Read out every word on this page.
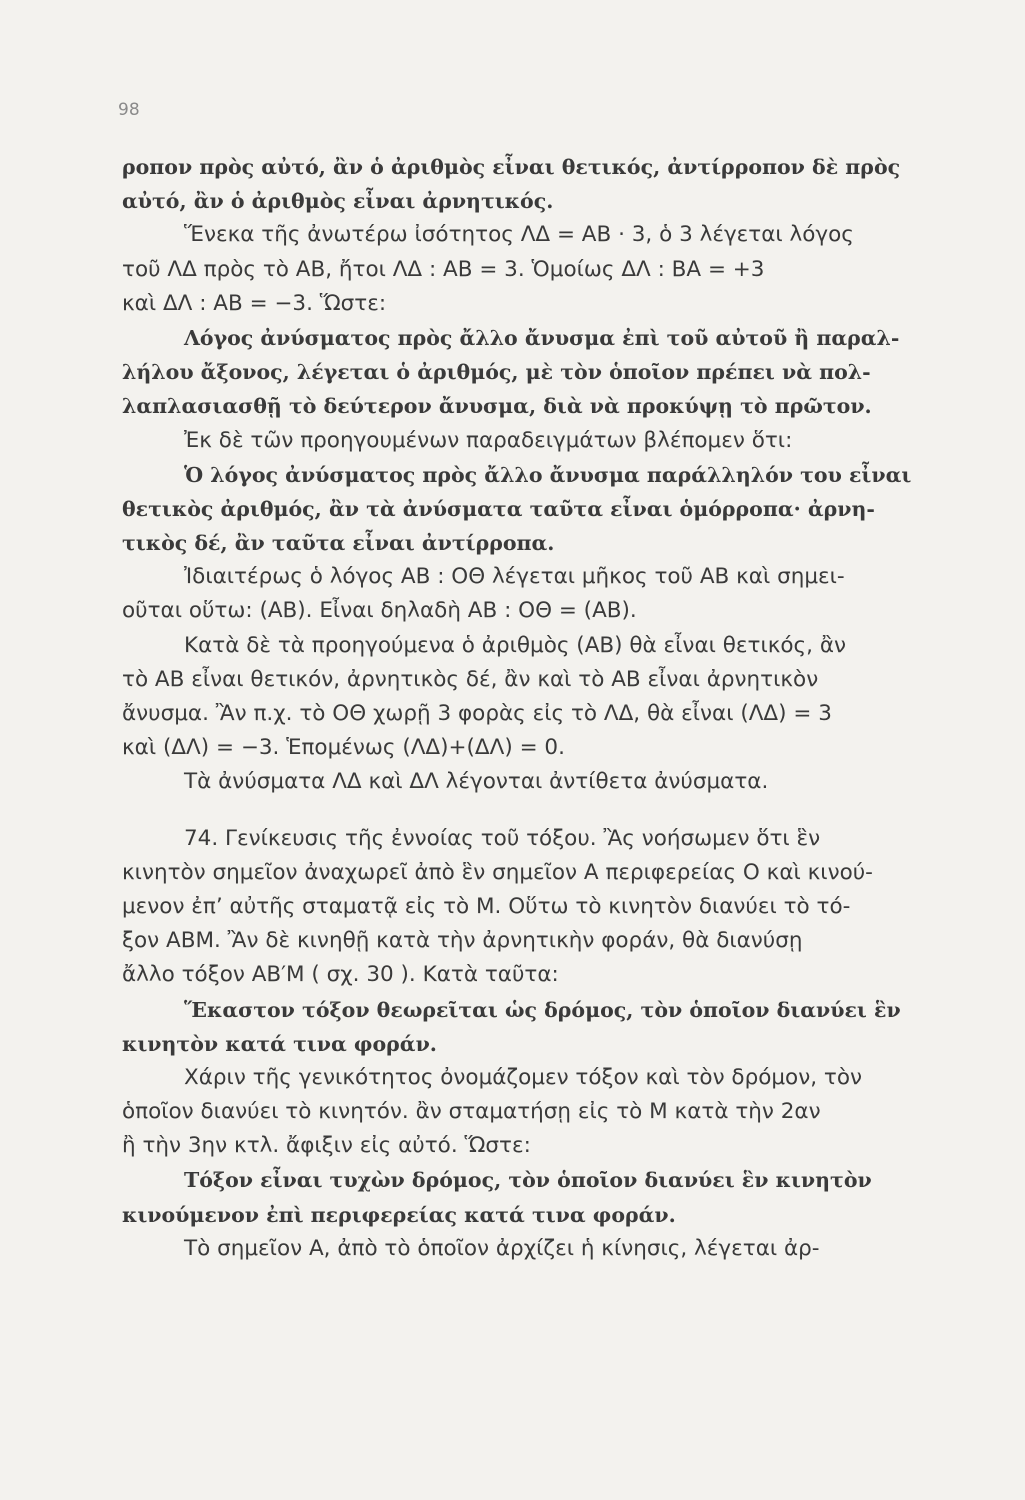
98
ροπον πρὸς αὐτό, ἂν ὁ ἀριθμὸς εἶναι θετικός, ἀντίρροπον δὲ πρὸς
αὐτό, ἂν ὁ ἀριθμὸς εἶναι ἀρνητικός.
Ἕνεκα τῆς ἀνωτέρω ἰσότητος ΛΔ = ΑΒ · 3, ὁ 3 λέγεται λόγος
τοῦ ΛΔ πρὸς τὸ ΑΒ, ἤτοι ΛΔ : ΑΒ = 3. Ὁμοίως ΔΛ : ΒΑ = +3
καὶ ΔΛ : ΑΒ = −3. Ὥστε:
Λόγος ἀνύσματος πρὸς ἄλλο ἄνυσμα ἐπὶ τοῦ αὐτοῦ ἢ παραλ-
λήλου ἄξονος, λέγεται ὁ ἀριθμός, μὲ τὸν ὁποῖον πρέπει νὰ πολ-
λαπλασιασθῇ τὸ δεύτερον ἄνυσμα, διὰ νὰ προκύψῃ τὸ πρῶτον.
Ἐκ δὲ τῶν προηγουμένων παραδειγμάτων βλέπομεν ὅτι:
Ὁ λόγος ἀνύσματος πρὸς ἄλλο ἄνυσμα παράλληλόν του εἶναι
θετικὸς ἀριθμός, ἂν τὰ ἀνύσματα ταῦτα εἶναι ὁμόρροπα· ἀρνη-
τικὸς δέ, ἂν ταῦτα εἶναι ἀντίρροπα.
Ἰδιαιτέρως ὁ λόγος ΑΒ : ΟΘ λέγεται μῆκος τοῦ ΑΒ καὶ σημει-
οῦται οὕτω: (ΑΒ). Εἶναι δηλαδὴ ΑΒ : ΟΘ = (ΑΒ).
Κατὰ δὲ τὰ προηγούμενα ὁ ἀριθμὸς (ΑΒ) θὰ εἶναι θετικός, ἂν
τὸ ΑΒ εἶναι θετικόν, ἀρνητικὸς δέ, ἂν καὶ τὸ ΑΒ εἶναι ἀρνητικὸν
ἄνυσμα. Ἂν π.χ. τὸ ΟΘ χωρῇ 3 φορὰς εἰς τὸ ΛΔ, θὰ εἶναι (ΛΔ) = 3
καὶ (ΔΛ) = −3. Ἑπομένως (ΛΔ)+(ΔΛ) = 0.
Τὰ ἀνύσματα ΛΔ καὶ ΔΛ λέγονται ἀντίθετα ἀνύσματα.
74. Γενίκευσις τῆς ἐννοίας τοῦ τόξου. Ἂς νοήσωμεν ὅτι ἓν
κινητὸν σημεῖον ἀναχωρεῖ ἀπὸ ἓν σημεῖον Α περιφερείας Ο καὶ κινού-
μενον ἐπ’ αὐτῆς σταματᾷ εἰς τὸ Μ. Οὕτω τὸ κινητὸν διανύει τὸ τό-
ξον ΑΒΜ. Ἂν δὲ κινηθῇ κατὰ τὴν ἀρνητικὴν φοράν, θὰ διανύσῃ
ἄλλο τόξον ΑΒ′Μ ( σχ. 30 ). Κατὰ ταῦτα:
Ἕκαστον τόξον θεωρεῖται ὡς δρόμος, τὸν ὁποῖον διανύει ἓν
κινητὸν κατά τινα φοράν.
Χάριν τῆς γενικότητος ὀνομάζομεν τόξον καὶ τὸν δρόμον, τὸν
ὁποῖον διανύει τὸ κινητόν. ἂν σταματήσῃ εἰς τὸ Μ κατὰ τὴν 2αν
ἢ τὴν 3ην κτλ. ἄφιξιν εἰς αὐτό. Ὥστε:
Τόξον εἶναι τυχὼν δρόμος, τὸν ὁποῖον διανύει ἓν κινητὸν
κινούμενον ἐπὶ περιφερείας κατά τινα φοράν.
Τὸ σημεῖον Α, ἀπὸ τὸ ὁποῖον ἀρχίζει ἡ κίνησις, λέγεται ἀρ-
